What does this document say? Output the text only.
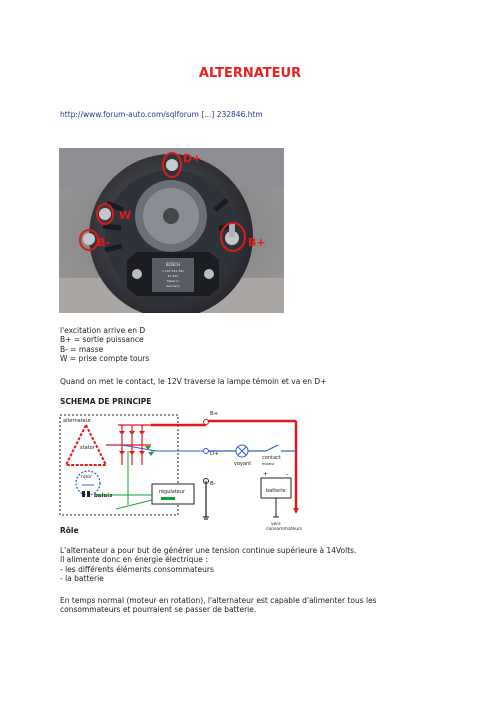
ALTERNATEUR
http://www.forum-auto.com/sqlforum [...] 232846.htm
BOSCH
1 197 311 301
EL 28V
Made in
Germany
D+
W
B-	B+
l'excitation arrive en D
B+ = sortie puissance
B- = masse
W = prise compte tours
Quand on met le contact, le 12V traverse la lampe témoin et va en D+
SCHEMA DE PRINCIPE
alternateur
stator
rotor
balais
B+
D+
voyant
contact
moteur
B-
régulateur	batterie
+	-
vers
consommateurs
Rôle
L'alternateur a pour but de générer une tension continue supérieure à 14Volts.
Il alimente donc en énergie électrique :
- les différents éléments consommateurs
- la batterie
En temps normal (moteur en rotation), l'alternateur est capable d'alimenter tous les
consommateurs et pourraient se passer de batterie.
